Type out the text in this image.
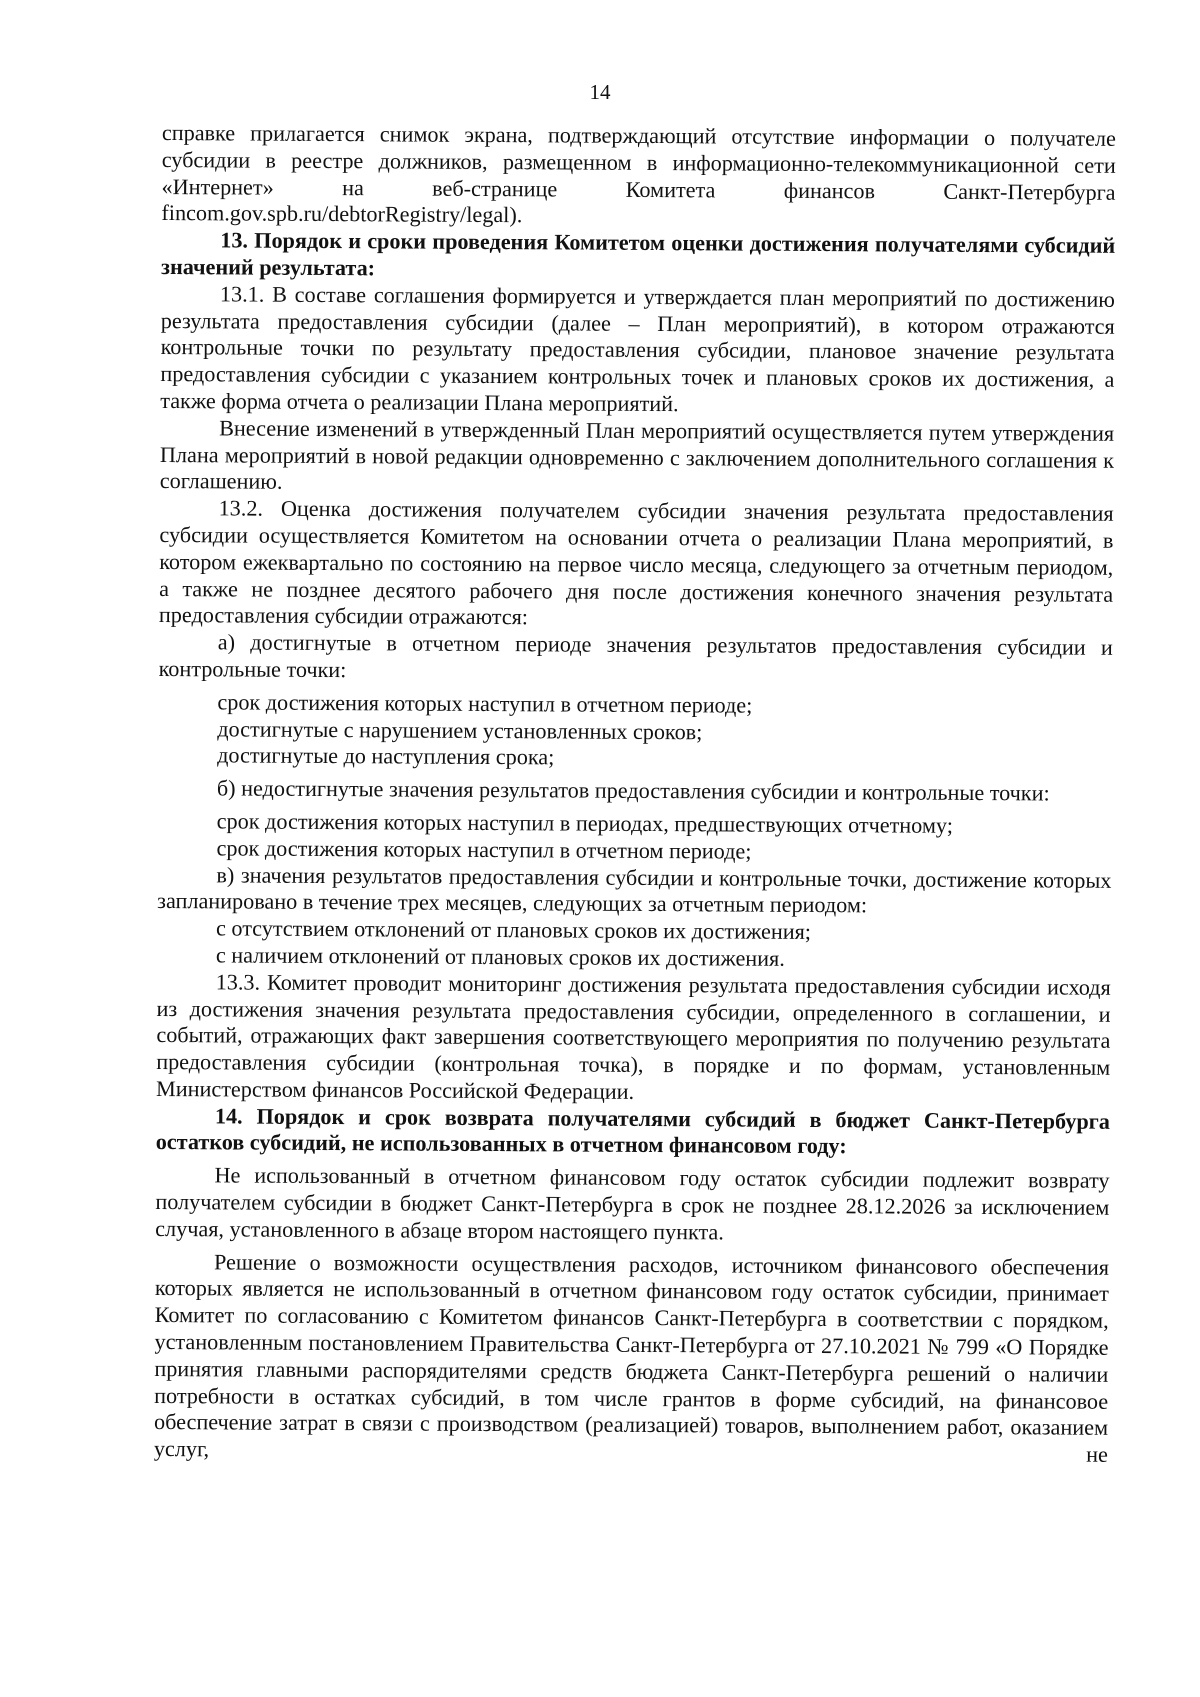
14

справке прилагается снимок экрана, подтверждающий отсутствие информации о получателе субсидии в реестре должников, размещенном в информационно-телекоммуникационной сети «Интернет» на веб-странице Комитета финансов Санкт-Петербурга fincom.gov.spb.ru/debtorRegistry/legal).

13. Порядок и сроки проведения Комитетом оценки достижения получателями субсидий значений результата:

13.1. В составе соглашения формируется и утверждается план мероприятий по достижению результата предоставления субсидии (далее – План мероприятий), в котором отражаются контрольные точки по результату предоставления субсидии, плановое значение результата предоставления субсидии с указанием контрольных точек и плановых сроков их достижения, а также форма отчета о реализации Плана мероприятий.

Внесение изменений в утвержденный План мероприятий осуществляется путем утверждения Плана мероприятий в новой редакции одновременно с заключением дополнительного соглашения к соглашению.

13.2. Оценка достижения получателем субсидии значения результата предоставления субсидии осуществляется Комитетом на основании отчета о реализации Плана мероприятий, в котором ежеквартально по состоянию на первое число месяца, следующего за отчетным периодом, а также не позднее десятого рабочего дня после достижения конечного значения результата предоставления субсидии отражаются:

а) достигнутые в отчетном периоде значения результатов предоставления субсидии и контрольные точки:

срок достижения которых наступил в отчетном периоде;

достигнутые с нарушением установленных сроков;

достигнутые до наступления срока;

б) недостигнутые значения результатов предоставления субсидии и контрольные точки:

срок достижения которых наступил в периодах, предшествующих отчетному;

срок достижения которых наступил в отчетном периоде;

в) значения результатов предоставления субсидии и контрольные точки, достижение которых запланировано в течение трех месяцев, следующих за отчетным периодом:

с отсутствием отклонений от плановых сроков их достижения;

с наличием отклонений от плановых сроков их достижения.

13.3. Комитет проводит мониторинг достижения результата предоставления субсидии исходя из достижения значения результата предоставления субсидии, определенного в соглашении, и событий, отражающих факт завершения соответствующего мероприятия по получению результата предоставления субсидии (контрольная точка), в порядке и по формам, установленным Министерством финансов Российской Федерации.

14. Порядок и срок возврата получателями субсидий в бюджет Санкт-Петербурга остатков субсидий, не использованных в отчетном финансовом году:

Не использованный в отчетном финансовом году остаток субсидии подлежит возврату получателем субсидии в бюджет Санкт-Петербурга в срок не позднее 28.12.2026 за исключением случая, установленного в абзаце втором настоящего пункта.

Решение о возможности осуществления расходов, источником финансового обеспечения которых является не использованный в отчетном финансовом году остаток субсидии, принимает Комитет по согласованию с Комитетом финансов Санкт-Петербурга в соответствии с порядком, установленным постановлением Правительства Санкт-Петербурга от 27.10.2021 № 799 «О Порядке принятия главными распорядителями средств бюджета Санкт-Петербурга решений о наличии потребности в остатках субсидий, в том числе грантов в форме субсидий, на финансовое обеспечение затрат в связи с производством (реализацией) товаров, выполнением работ, оказанием услуг, не
